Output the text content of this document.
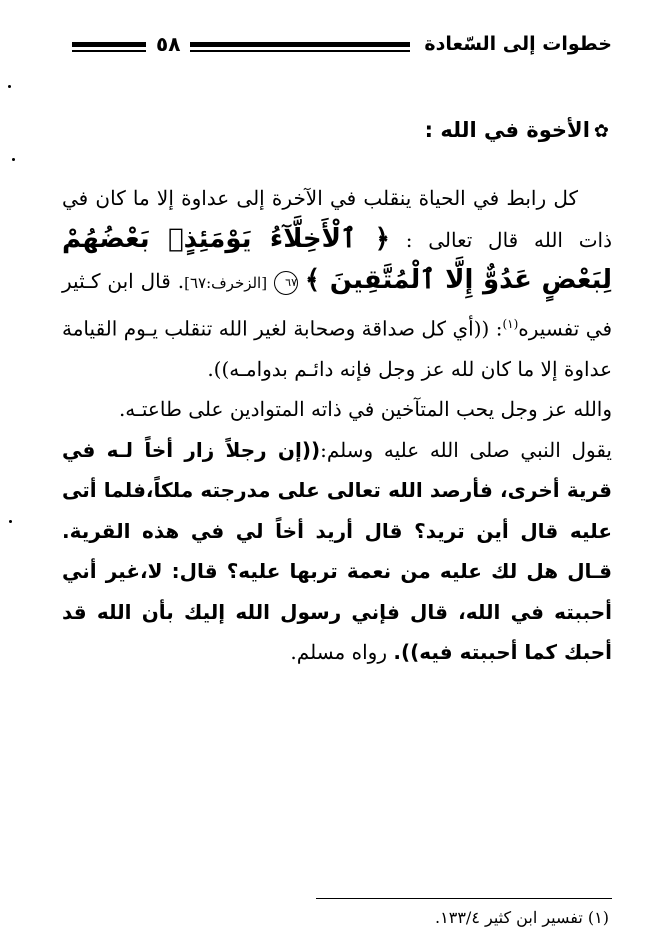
خطوات إلى السّعادة
٥٨
✿الأخوة في الله :

كل رابط في الحياة ينقلب في الآخرة إلى عداوة إلا ما كان في ذات الله قال تعالى : ﴿ ٱلْأَخِلَّآءُ يَوْمَئِذٍۭ بَعْضُهُمْ لِبَعْضٍ عَدُوٌّ إِلَّا ٱلْمُتَّقِينَ ﴾ ٦٧ [الزخرف:٦٧]. قال ابن كـثير في تفسيره$^{(١)}$: ((أي كل صداقة وصحابة لغير الله تنقلب يـوم القيامة عداوة إلا ما كان لله عز وجل فإنه دائـم بدوامـه)).

والله عز وجل يحب المتآخين في ذاته المتوادين على طاعتـه.

يقول النبي صلى الله عليه وسلم:((إن رجلاً زار أخاً لـه في قرية أخرى، فأرصد الله تعالى على مدرجته ملكاً،فلما أتى عليه قال أين تريد؟ قال أريد أخاً لي في هذه القرية. قـال هل لك عليه من نعمة تربها عليه؟ قال: لا،غير أني أحببته في الله، قال فإني رسول الله إليك بأن الله قد أحبك كما أحببته فيه)). رواه مسلم.

(١) تفسير ابن كثير ١٣٣/٤.
